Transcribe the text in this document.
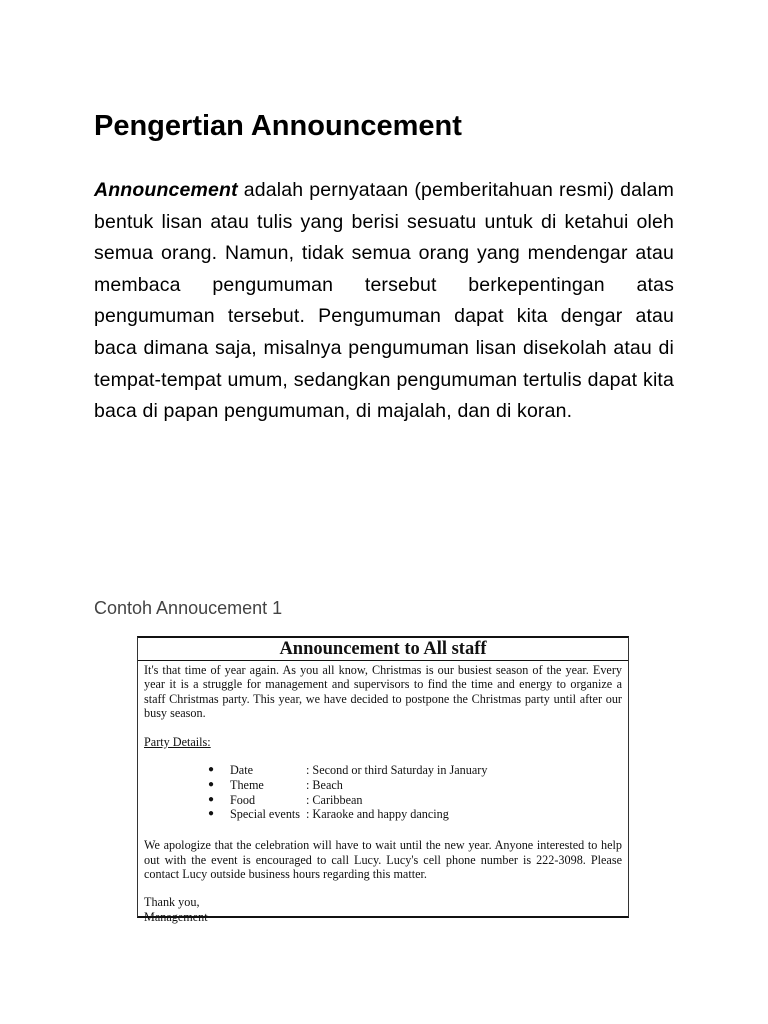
Pengertian Announcement

Announcement adalah pernyataan (pemberitahuan resmi) dalam bentuk lisan atau tulis yang berisi sesuatu untuk di ketahui oleh semua orang. Namun, tidak semua orang yang mendengar atau membaca pengumuman tersebut berkepentingan atas pengumuman tersebut. Pengumuman dapat kita dengar atau baca dimana saja, misalnya pengumuman lisan disekolah atau di tempat-tempat umum, sedangkan pengumuman tertulis dapat kita baca di papan pengumuman, di majalah, dan di koran.

Contoh Annoucement 1
Announcement to All staff

It's that time of year again. As you all know, Christmas is our busiest season of the year. Every year it is a struggle for management and supervisors to find the time and energy to organize a staff Christmas party. This year, we have decided to postpone the Christmas party until after our busy season.

Party Details:

●	Date	: Second or third Saturday in January
●	Theme	: Beach
●	Food	: Caribbean
●	Special events : Karaoke and happy dancing

We apologize that the celebration will have to wait until the new year. Anyone interested to help out with the event is encouraged to call Lucy. Lucy's cell phone number is 222-3098. Please contact Lucy outside business hours regarding this matter.

Thank you,

Management
